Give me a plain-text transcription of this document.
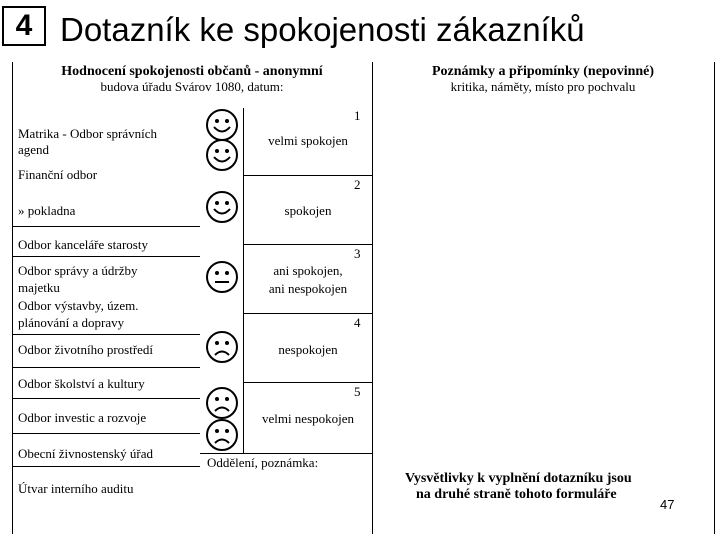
4 Dotazník ke spokojenosti zákazníků
Hodnocení spokojenosti občanů - anonymní
budova úřadu Svárov 1080, datum:
Poznámky a připomínky (nepovinné)
kritika, náměty, místo pro pochvalu
Matrika - Odbor správních
agend
Finanční odbor
» pokladna
Odbor kanceláře starosty
Odbor správy a údržby
majetku
Odbor výstavby, územ.
plánování a dopravy
Odbor životního prostředí
Odbor školství a kultury
Odbor investic a rozvoje
Obecní živnostenský úřad
Útvar interního auditu
1
2
3
4
5
velmi spokojen
spokojen
ani spokojen,
ani nespokojen
nespokojen
velmi nespokojen
Oddělení, poznámka:
Vysvětlivky k vyplnění dotazníku jsou
na druhé straně tohoto formuláře
47
